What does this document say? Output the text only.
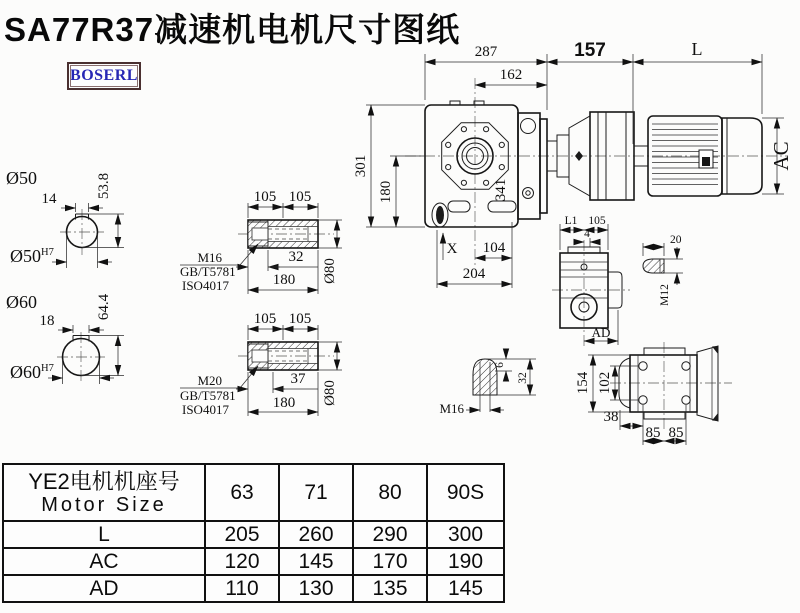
SA77R37减速机电机尺寸图纸
BOSERL
341
287
162
157	L
AC
301
180
X 104
204
Ø50
14	53.8
Ø50 H7
Ø60
18
64.4
Ø60 H7
105 105
M16
GB/T5781
ISO4017
32
180 Ø80
105 105
M20
GB/T5781
ISO4017
37
180 Ø80
L1 105
4
AD
20
M12
M16
6
32	154 102
38
85 85
YE2电机机座号
Motor Size	63	71	80	90S
L	205	260	290	300
AC	120	145	170	190
AD	110	130	135	145
